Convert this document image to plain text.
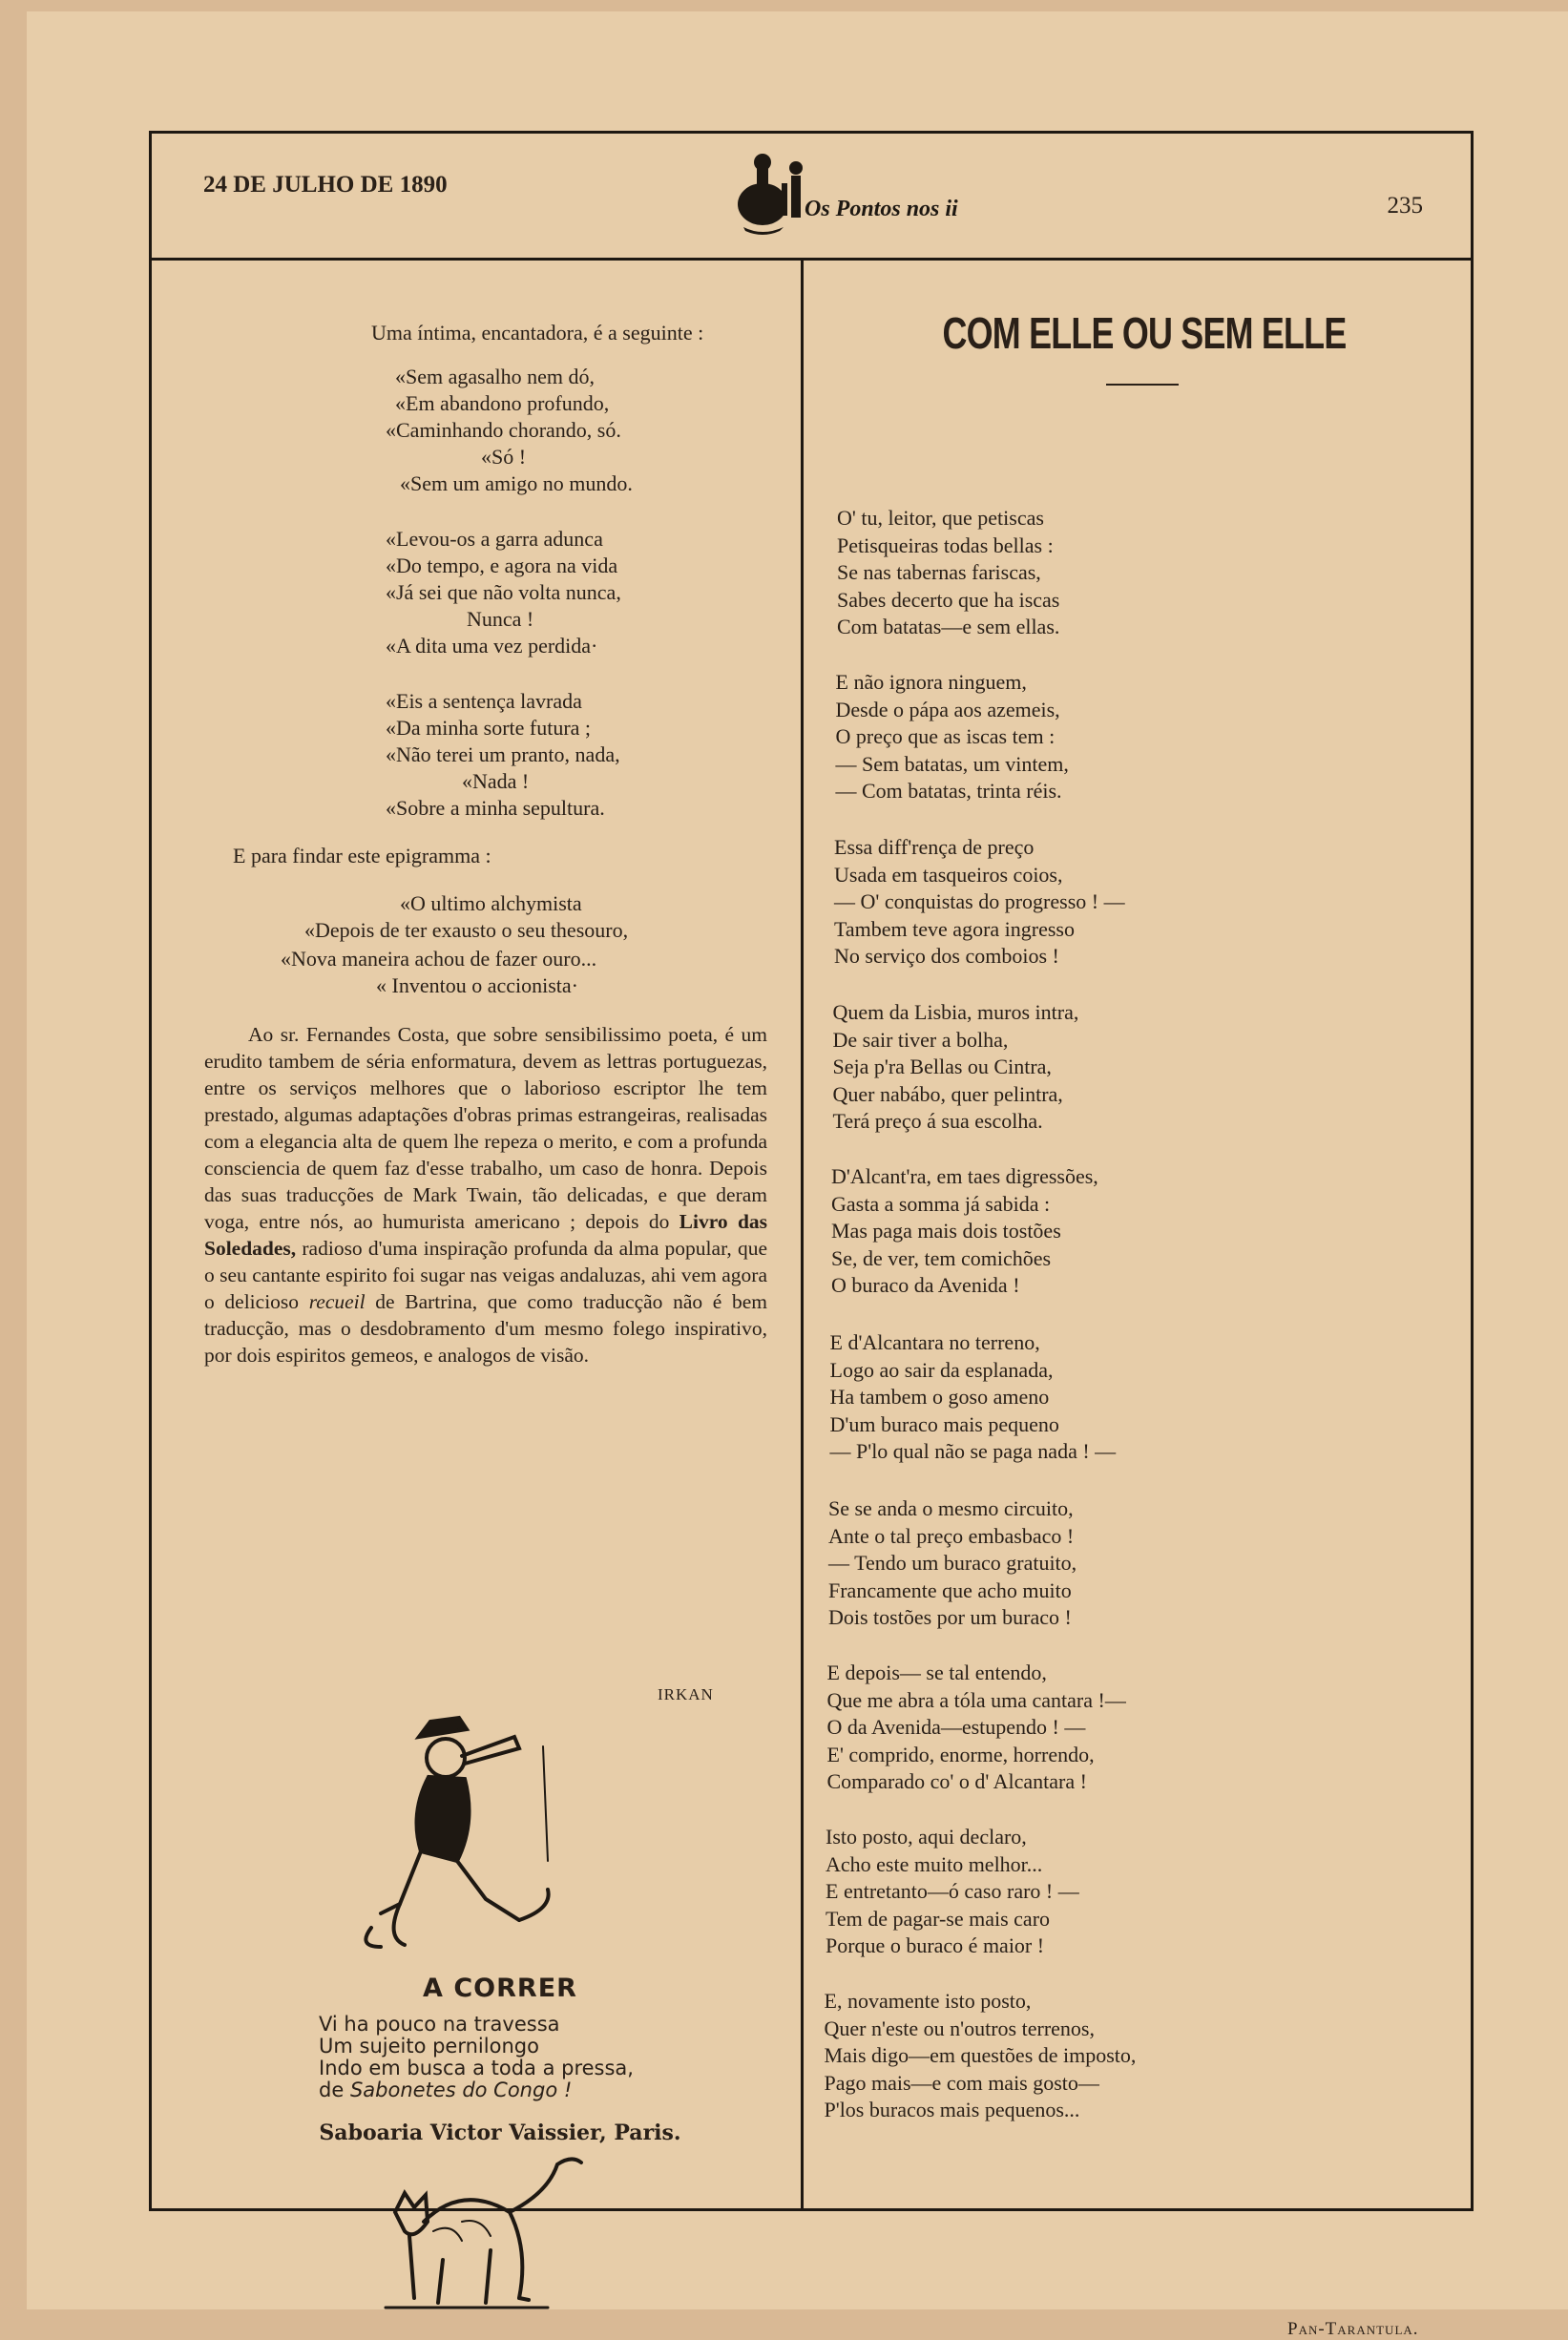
24 DE JULHO DE 1890
Os Pontos nos ii	235
Uma íntima, encantadora, é a seguinte :
«Sem agasalho nem dó,
«Em abandono profundo,
«Caminhando chorando, só.
«Só !
«Sem um amigo no mundo.
«Levou-os a garra adunca
«Do tempo, e agora na vida
«Já sei que não volta nunca,
Nunca !
«A dita uma vez perdida·
«Eis a sentença lavrada
«Da minha sorte futura ;
«Não terei um pranto, nada,
«Nada !
«Sobre a minha sepultura.
E para findar este epigramma :
«O ultimo alchymista
«Depois de ter exausto o seu thesouro,
«Nova maneira achou de fazer ouro...
« Inventou o accionista·
Ao sr. Fernandes Costa, que sobre sensibilissimo poeta, é um erudito tambem de séria enformatura, devem as lettras portuguezas, entre os serviços melhores que o laborioso escriptor lhe tem prestado, algumas adaptações d'obras primas estrangeiras, realisadas com a elegancia alta de quem lhe repeza o merito, e com a profunda consciencia de quem faz d'esse trabalho, um caso de honra. Depois das suas traducções de Mark Twain, tão delicadas, e que deram voga, entre nós, ao humurista americano ; depois do Livro das Soledades, radioso d'uma inspiração profunda da alma popular, que o seu cantante espirito foi sugar nas veigas andaluzas, ahi vem agora o delicioso recueil de Bartrina, que como traducção não é bem traducção, mas o desdobramento d'um mesmo folego inspirativo, por dois espiritos gemeos, e analogos de visão.
IRKAN
A CORRER
Vi ha pouco na travessa
Um sujeito pernilongo
Indo em busca a toda a pressa,
de Sabonetes do Congo !
Saboaria Victor Vaissier, Paris.
COM ELLE OU SEM ELLE
O' tu, leitor, que petiscas
Petisqueiras todas bellas :
Se nas tabernas fariscas,
Sabes decerto que ha iscas
Com batatas—e sem ellas.
E não ignora ninguem,
Desde o pápa aos azemeis,
O preço que as iscas tem :
— Sem batatas, um vintem,
— Com batatas, trinta réis.
Essa diff'rença de preço
Usada em tasqueiros coios,
— O' conquistas do progresso ! —
Tambem teve agora ingresso
No serviço dos comboios !
Quem da Lisbia, muros intra,
De sair tiver a bolha,
Seja p'ra Bellas ou Cintra,
Quer nabábo, quer pelintra,
Terá preço á sua escolha.
D'Alcant'ra, em taes digressões,
Gasta a somma já sabida :
Mas paga mais dois tostões
Se, de ver, tem comichões
O buraco da Avenida !
E d'Alcantara no terreno,
Logo ao sair da esplanada,
Ha tambem o goso ameno
D'um buraco mais pequeno
— P'lo qual não se paga nada ! —
Se se anda o mesmo circuito,
Ante o tal preço embasbaco !
— Tendo um buraco gratuito,
Francamente que acho muito
Dois tostões por um buraco !
E depois— se tal entendo,
Que me abra a tóla uma cantara !—
O da Avenida—estupendo ! —
E' comprido, enorme, horrendo,
Comparado co' o d' Alcantara !
Isto posto, aqui declaro,
Acho este muito melhor...
E entretanto—ó caso raro ! —
Tem de pagar-se mais caro
Porque o buraco é maior !
E, novamente isto posto,
Quer n'este ou n'outros terrenos,
Mais digo—em questões de imposto,
Pago mais—e com mais gosto—
P'los buracos mais pequenos...
Pan-Tarantula.
